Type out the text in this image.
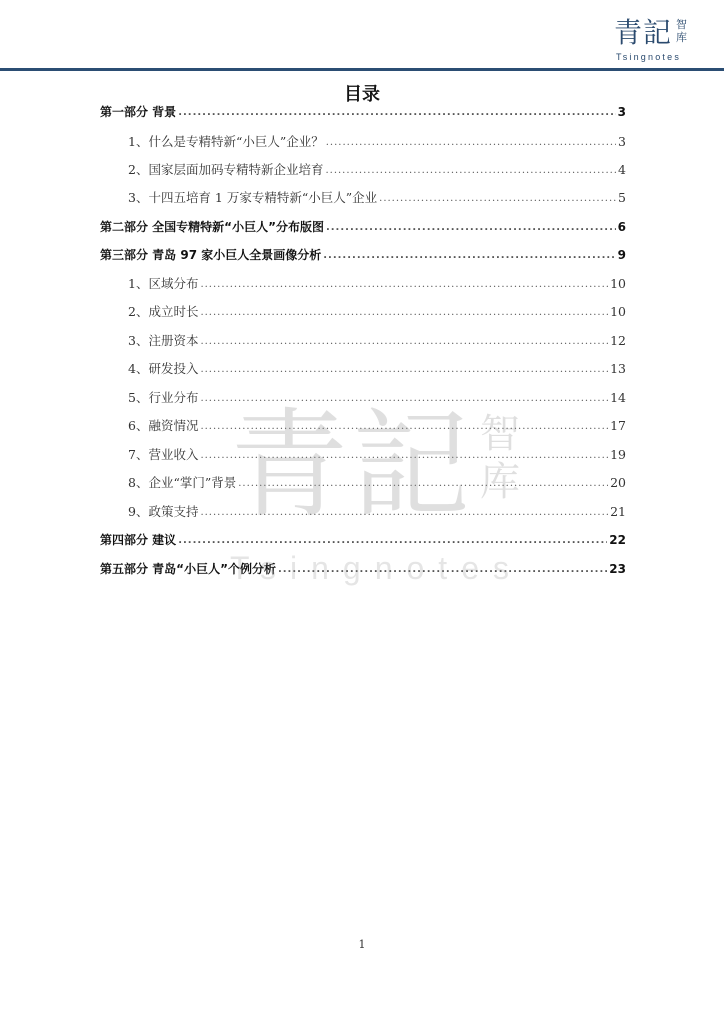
青記 智库
Tsingnotes
目录
第一部分 背景 .....	3
1、什么是专精特新“小巨人”企业？ .....	3
2、国家层面加码专精特新企业培育 .....	4
3、十四五培育 1 万家专精特新“小巨人”企业 .....	5
第二部分 全国专精特新“小巨人”分布版图 .....	6
第三部分 青岛 97 家小巨人全景画像分析 .....	9
1、区域分布 .....	10
2、成立时长 .....	10
3、注册资本 .....	12
4、研发投入 .....	13
5、行业分布 .....	14
6、融资情况 .....	17
7、营业收入 .....	19
8、企业“掌门”背景 .....	20
9、政策支持 .....	21
第四部分 建议 .....	22
第五部分 青岛“小巨人”个例分析 .....	23
青記 智库
Tsingnotes
1
